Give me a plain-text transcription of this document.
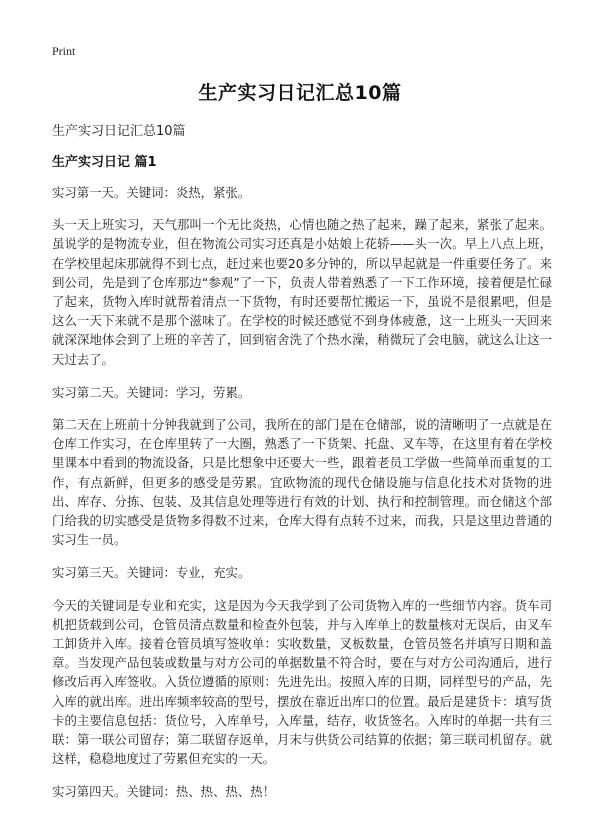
Print
生产实习日记汇总10篇
生产实习日记汇总10篇
生产实习日记 篇1

实习第一天。关键词：炎热，紧张。

头一天上班实习，天气那叫一个无比炎热，心情也随之热了起来，躁了起来，紧张了起来。虽说学的是物流专业，但在物流公司实习还真是小姑娘上花轿——头一次。早上八点上班，在学校里起床那就得不到七点，赶过来也要20多分钟的，所以早起就是一件重要任务了。来到公司，先是到了仓库那边“参观”了一下，负责人带着熟悉了一下工作环境，接着便是忙碌了起来，货物入库时就帮着清点一下货物，有时还要帮忙搬运一下，虽说不是很累吧，但是这么一天下来就不是那个滋味了。在学校的时候还感觉不到身体疲惫，这一上班头一天回来就深深地体会到了上班的辛苦了，回到宿舍洗了个热水澡，稍微玩了会电脑，就这么让这一天过去了。

实习第二天。关键词：学习，劳累。

第二天在上班前十分钟我就到了公司，我所在的部门是在仓储部，说的清晰明了一点就是在仓库工作实习，在仓库里转了一大圈，熟悉了一下货架、托盘、叉车等，在这里有着在学校里课本中看到的物流设备，只是比想象中还要大一些，跟着老员工学做一些简单而重复的工作，有点新鲜，但更多的感受是劳累。宜欧物流的现代仓储设施与信息化技术对货物的进出、库存、分拣、包装、及其信息处理等进行有效的计划、执行和控制管理。而仓储这个部门给我的切实感受是货物多得数不过来，仓库大得有点转不过来，而我，只是这里边普通的实习生一员。

实习第三天。关键词：专业，充实。

今天的关键词是专业和充实，这是因为今天我学到了公司货物入库的一些细节内容。货车司机把货载到公司，仓管员清点数量和检查外包装，并与入库单上的数量核对无误后，由叉车工卸货并入库。接着仓管员填写签收单：实收数量，叉板数量，仓管员签名并填写日期和盖章。当发现产品包装或数量与对方公司的单据数量不符合时，要在与对方公司沟通后，进行修改后再入库签收。入货位遵循的原则：先进先出。按照入库的日期，同样型号的产品，先入库的就出库。进出库频率较高的型号，摆放在靠近出库口的位置。最后是建货卡：填写货卡的主要信息包括：货位号，入库单号，入库量，结存，收货签名。入库时的单据一共有三联：第一联公司留存；第二联留存返单，月末与供货公司结算的依据；第三联司机留存。就这样，稳稳地度过了劳累但充实的一天。

实习第四天。关键词：热、热、热、热！
